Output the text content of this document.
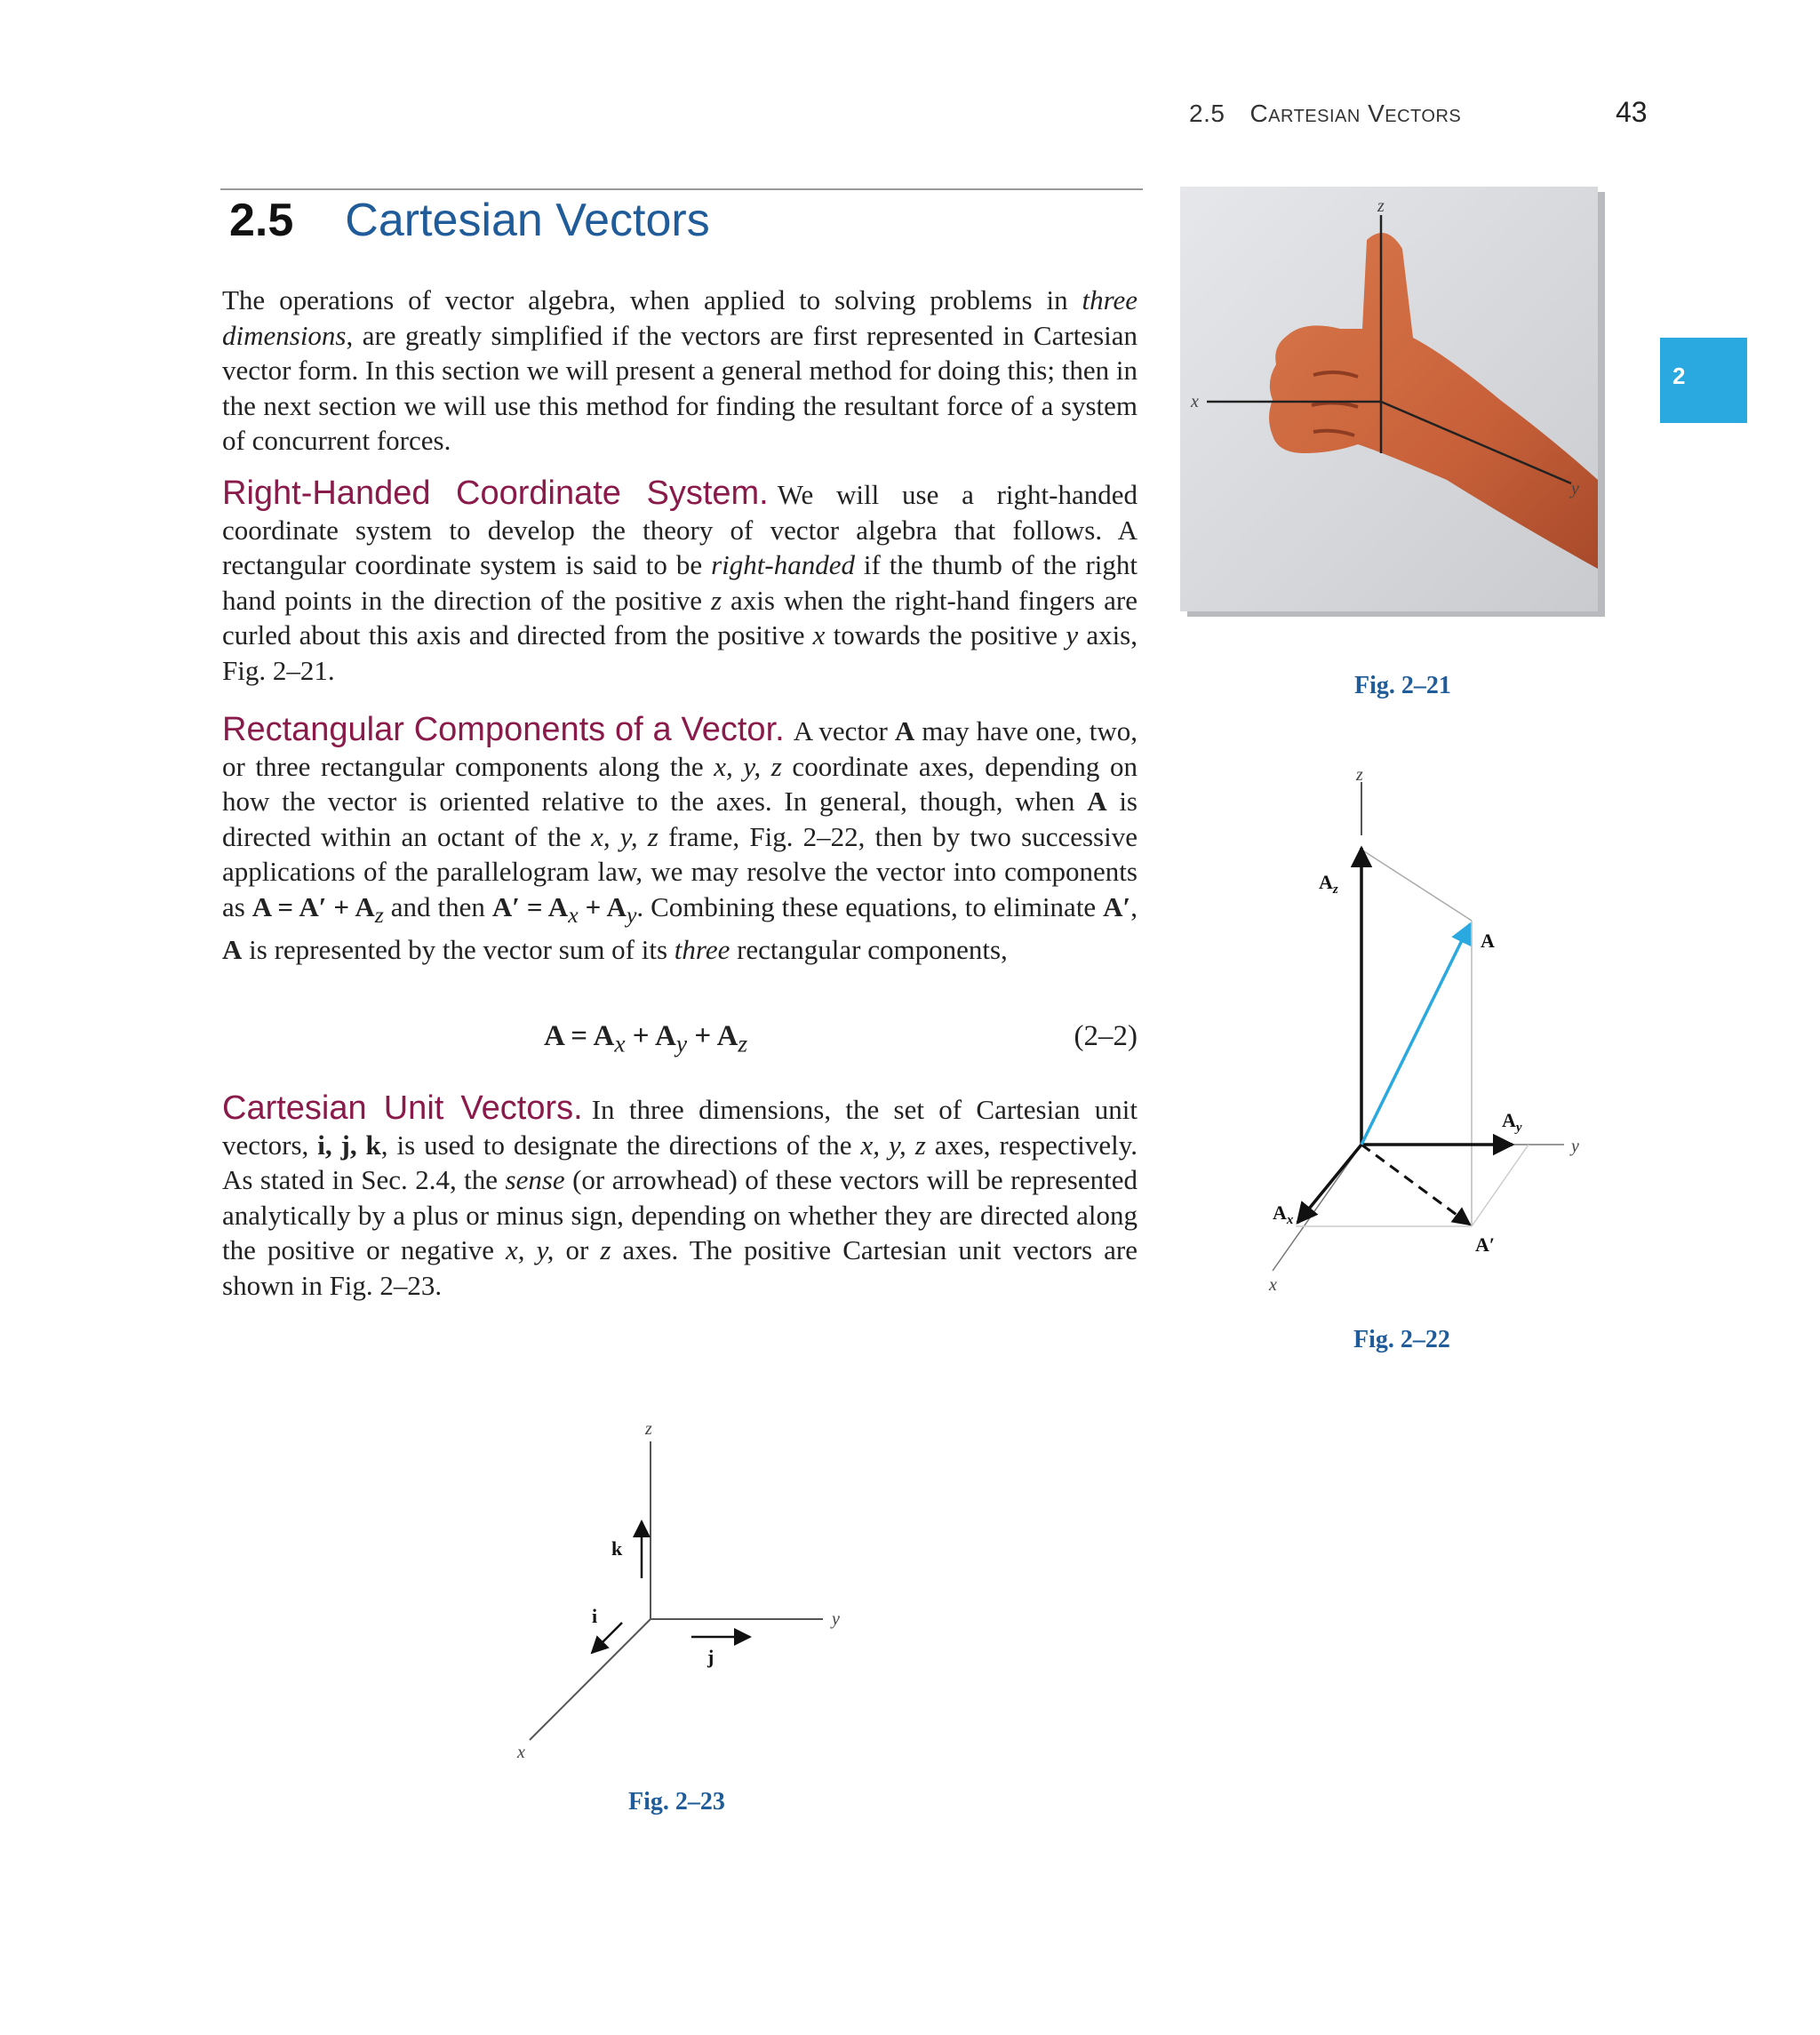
2.5 Cartesian Vectors	43
2
2.5 Cartesian Vectors
The operations of vector algebra, when applied to solving problems in three dimensions, are greatly simplified if the vectors are first represented in Cartesian vector form. In this section we will present a general method for doing this; then in the next section we will use this method for finding the resultant force of a system of concurrent forces.
Right-Handed Coordinate System. We will use a right-handed coordinate system to develop the theory of vector algebra that follows. A rectangular coordinate system is said to be right-handed if the thumb of the right hand points in the direction of the positive z axis when the right-hand fingers are curled about this axis and directed from the positive x towards the positive y axis, Fig. 2–21.
Rectangular Components of a Vector. A vector A may have one, two, or three rectangular components along the x, y, z coordinate axes, depending on how the vector is oriented relative to the axes. In general, though, when A is directed within an octant of the x, y, z frame, Fig. 2–22, then by two successive applications of the parallelogram law, we may resolve the vector into components as $A = A' + A_z$ and then $A' = A_x + A_y$. Combining these equations, to eliminate A′, A is represented by the vector sum of its three rectangular components,
$A = A_x + A_y + A_z$	(2–2)
Cartesian Unit Vectors. In three dimensions, the set of Cartesian unit vectors, i, j, k, is used to designate the directions of the x, y, z axes, respectively. As stated in Sec. 2.4, the sense (or arrowhead) of these vectors will be represented analytically by a plus or minus sign, depending on whether they are directed along the positive or negative x, y, or z axes. The positive Cartesian unit vectors are shown in Fig. 2–23.
z
x
y
Fig. 2–21
z
y
x
$A_z$
A
$A_y$
$A_x$
A′
Fig. 2–22
z
y
x
k
i
j
Fig. 2–23
